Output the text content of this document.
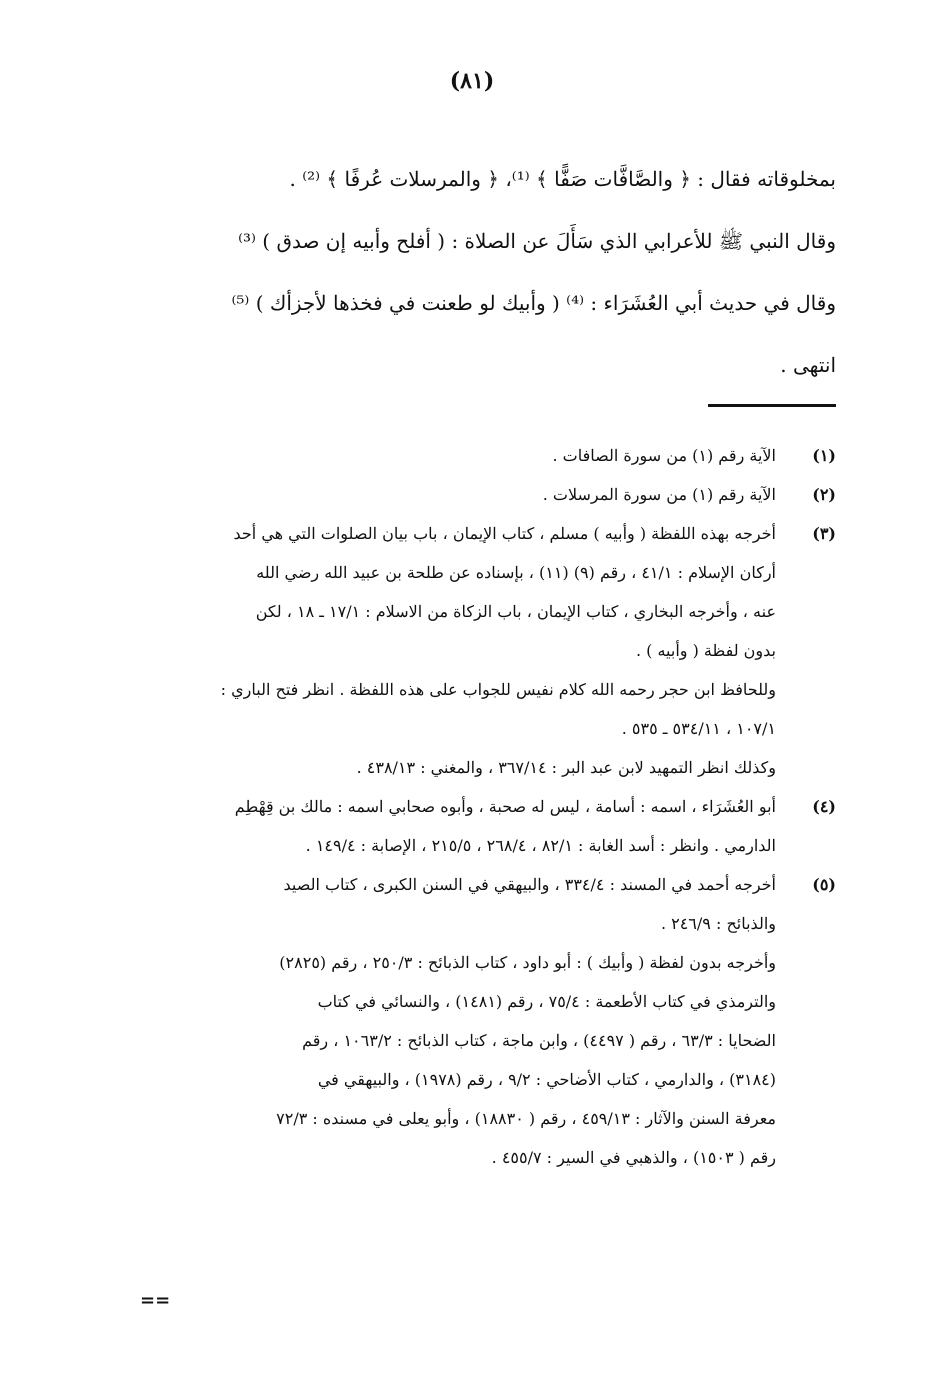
(٨١)
بمخلوقاته فقال : ﴿ والصَّافَّات صَفًّا ﴾ ⁽¹⁾، ﴿ والمرسلات عُرفًا ﴾ ⁽²⁾ .
وقال النبي ﷺ للأعرابي الذي سَأَلَ عن الصلاة : ( أفلح وأبيه إن صدق ) ⁽³⁾
وقال في حديث أبي العُشَرَاء : ⁽⁴⁾ ( وأبيك لو طعنت في فخذها لأجزأك ) ⁽⁵⁾
انتهى .
(١)
الآية رقم (١) من سورة الصافات .
(٢)
الآية رقم (١) من سورة المرسلات .
(٣)
أخرجه بهذه اللفظة ( وأبيه ) مسلم ، كتاب الإيمان ، باب بيان الصلوات التي هي أحد
أركان الإسلام : ٤١/١ ، رقم (٩) (١١) ، بإسناده عن طلحة بن عبيد الله رضي الله
عنه ، وأخرجه البخاري ، كتاب الإيمان ، باب الزكاة من الاسلام : ١٧/١ ـ ١٨ ، لكن
بدون لفظة ( وأبيه ) .
وللحافظ ابن حجر رحمه الله كلام نفيس للجواب على هذه اللفظة . انظر فتح الباري :
١٠٧/١ ، ٥٣٤/١١ ـ ٥٣٥ .
وكذلك انظر التمهيد لابن عبد البر : ٣٦٧/١٤ ، والمغني : ٤٣٨/١٣ .
(٤)
أبو العُشَرَاء ، اسمه : أسامة ، ليس له صحبة ، وأبوه صحابي اسمه : مالك بن قِهْطِم
الدارمي . وانظر : أسد الغابة : ٨٢/١ ، ٢٦٨/٤ ، ٢١٥/٥ ، الإصابة : ١٤٩/٤ .
(٥)
أخرجه أحمد في المسند : ٣٣٤/٤ ، والبيهقي في السنن الكبرى ، كتاب الصيد
والذبائح : ٢٤٦/٩ .
وأخرجه بدون لفظة ( وأبيك ) : أبو داود ، كتاب الذبائح : ٢٥٠/٣ ، رقم (٢٨٢٥)
والترمذي في كتاب الأطعمة : ٧٥/٤ ، رقم (١٤٨١) ، والنسائي في كتاب
الضحايا : ٦٣/٣ ، رقم ( ٤٤٩٧) ، وابن ماجة ، كتاب الذبائح : ١٠٦٣/٢ ، رقم
(٣١٨٤) ، والدارمي ، كتاب الأضاحي : ٩/٢ ، رقم (١٩٧٨) ، والبيهقي في
معرفة السنن والآثار : ٤٥٩/١٣ ، رقم ( ١٨٨٣٠) ، وأبو يعلى في مسنده : ٧٢/٣
رقم ( ١٥٠٣) ، والذهبي في السير : ٤٥٥/٧ .
==
